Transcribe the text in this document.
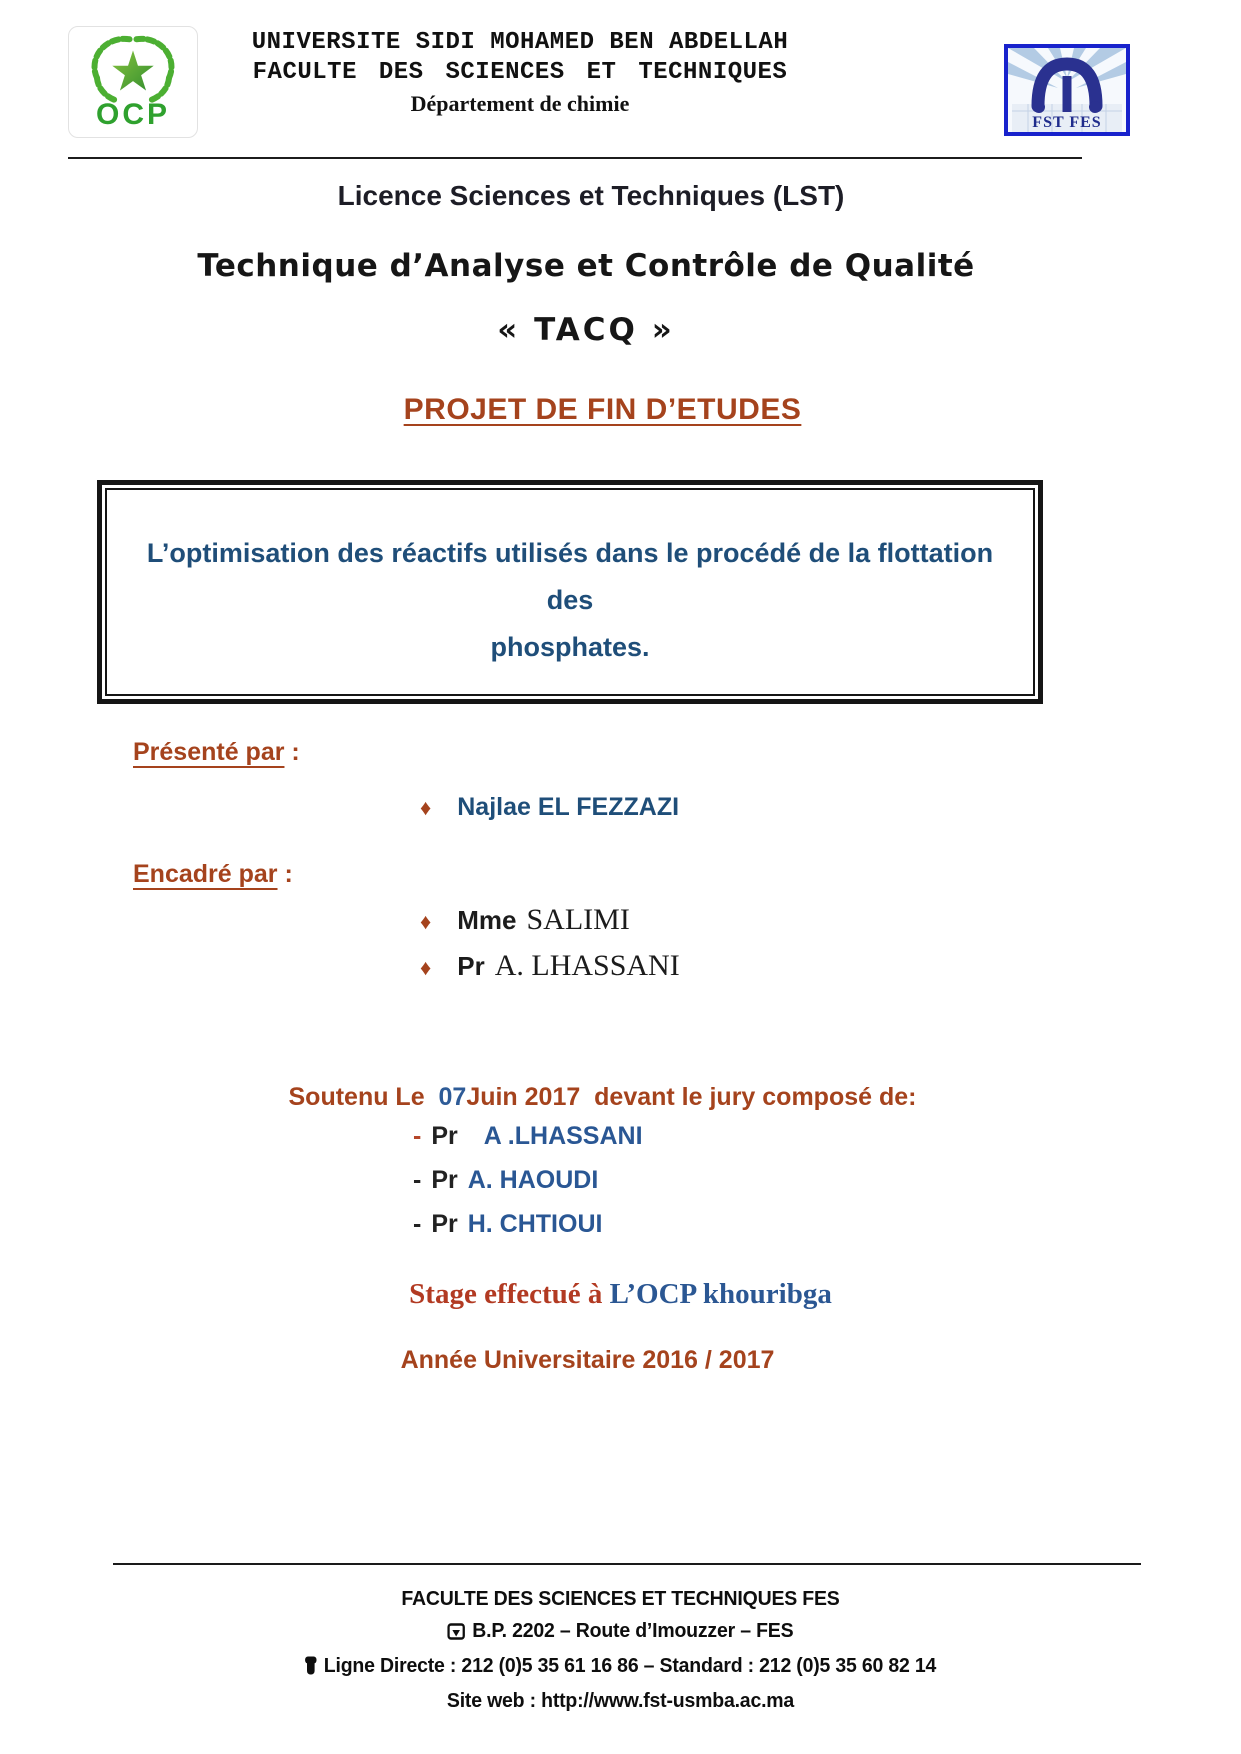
OCP
UNIVERSITE SIDI MOHAMED BEN ABDELLAH
FACULTE DES SCIENCES ET TECHNIQUES
Département de chimie
FST FES
Licence Sciences et Techniques (LST)
Technique d’Analyse et Contrôle de Qualité
« TACQ »
PROJET DE FIN D’ETUDES
L’optimisation des réactifs utilisés dans le procédé de la flottation des
phosphates.
Présenté par :
♦ Najlae EL FEZZAZI
Encadré par :
♦ Mme SALIMI
♦ Pr A. LHASSANI
Soutenu Le  07Juin 2017  devant le jury composé de:
- Pr A .LHASSANI
- Pr A. HAOUDI
- Pr H. CHTIOUI
Stage effectué à L’OCP khouribga
Année Universitaire 2016 / 2017
FACULTE DES SCIENCES ET TECHNIQUES FES
B.P. 2202 – Route d’Imouzzer – FES
Ligne Directe : 212 (0)5 35 61 16 86 – Standard : 212 (0)5 35 60 82 14
Site web : http://www.fst-usmba.ac.ma
